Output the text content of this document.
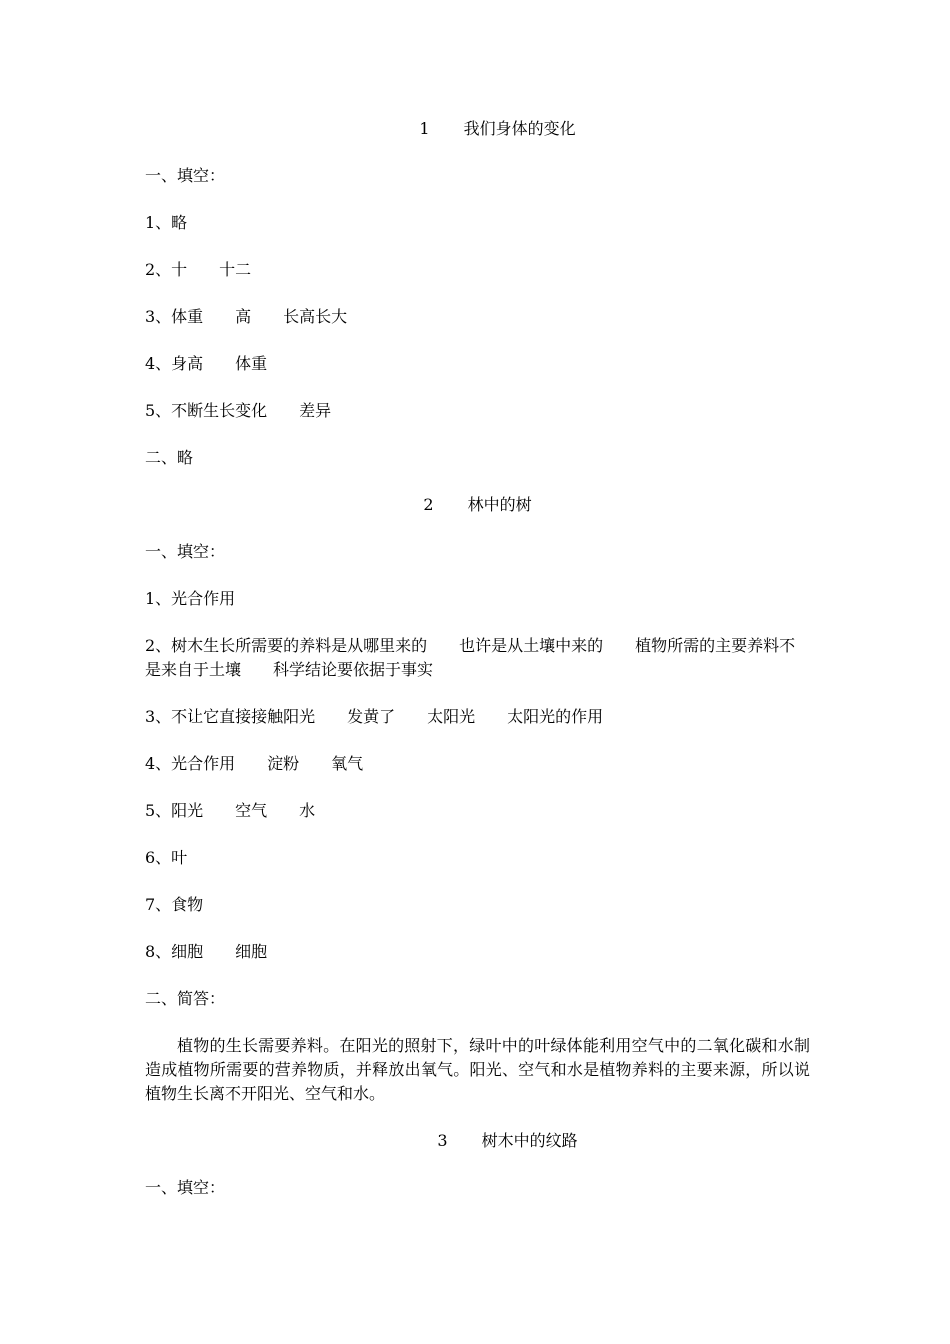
1 我们身体的变化

一、填空：

1、略

2、十　　十二

3、体重　　高　　长高长大

4、身高　　体重

5、不断生长变化　　差异

二、略

2 林中的树

一、填空：

1、光合作用

2、树木生长所需要的养料是从哪里来的　　也许是从土壤中来的　　植物所需的主要养料不是来自于土壤　　科学结论要依据于事实

3、不让它直接接触阳光　　发黄了　　太阳光　　太阳光的作用

4、光合作用　　淀粉　　氧气

5、阳光　　空气　　水

6、叶

7、食物

8、细胞　　细胞

二、简答：

植物的生长需要养料。在阳光的照射下，绿叶中的叶绿体能利用空气中的二氧化碳和水制造成植物所需要的营养物质，并释放出氧气。阳光、空气和水是植物养料的主要来源，所以说植物生长离不开阳光、空气和水。

3 树木中的纹路

一、填空：
